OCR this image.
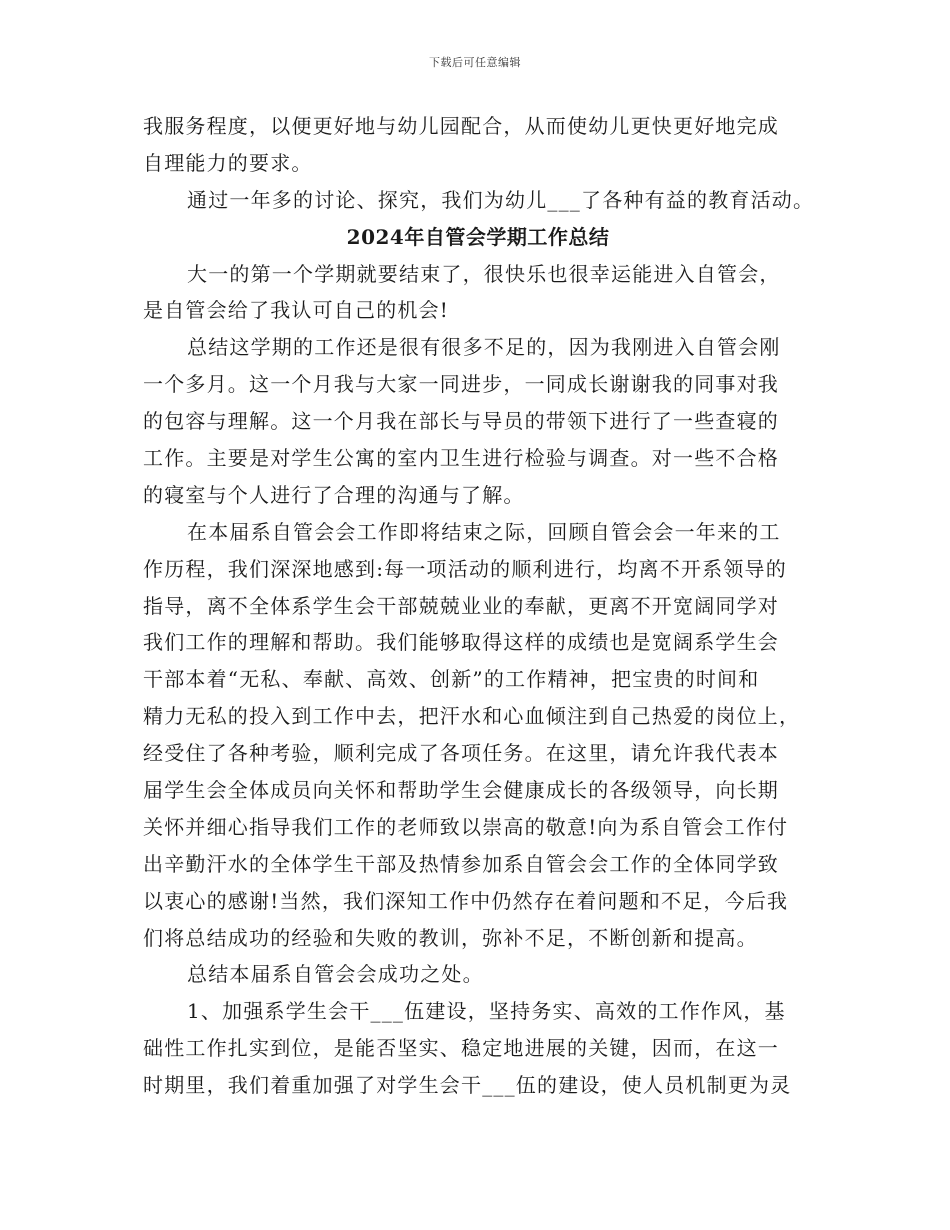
下载后可任意编辑
我服务程度，以便更好地与幼儿园配合，从而使幼儿更快更好地完成
自理能力的要求。
通过一年多的讨论、探究，我们为幼儿___了各种有益的教育活动。
2024年自管会学期工作总结
大一的第一个学期就要结束了，很快乐也很幸运能进入自管会，
是自管会给了我认可自己的机会!
总结这学期的工作还是很有很多不足的，因为我刚进入自管会刚
一个多月。这一个月我与大家一同进步，一同成长谢谢我的同事对我
的包容与理解。这一个月我在部长与导员的带领下进行了一些查寝的
工作。主要是对学生公寓的室内卫生进行检验与调查。对一些不合格
的寝室与个人进行了合理的沟通与了解。
在本届系自管会会工作即将结束之际，回顾自管会会一年来的工
作历程，我们深深地感到:每一项活动的顺利进行，均离不开系领导的
指导，离不全体系学生会干部兢兢业业的奉献，更离不开宽阔同学对
我们工作的理解和帮助。我们能够取得这样的成绩也是宽阔系学生会
干部本着“无私、奉献、高效、创新”的工作精神，把宝贵的时间和
精力无私的投入到工作中去，把汗水和心血倾注到自己热爱的岗位上，
经受住了各种考验，顺利完成了各项任务。在这里，请允许我代表本
届学生会全体成员向关怀和帮助学生会健康成长的各级领导，向长期
关怀并细心指导我们工作的老师致以崇高的敬意!向为系自管会工作付
出辛勤汗水的全体学生干部及热情参加系自管会会工作的全体同学致
以衷心的感谢!当然，我们深知工作中仍然存在着问题和不足，今后我
们将总结成功的经验和失败的教训，弥补不足，不断创新和提高。
总结本届系自管会会成功之处。
1、加强系学生会干___伍建设，坚持务实、高效的工作作风，基
础性工作扎实到位，是能否坚实、稳定地进展的关键，因而，在这一
时期里，我们着重加强了对学生会干___伍的建设，使人员机制更为灵
